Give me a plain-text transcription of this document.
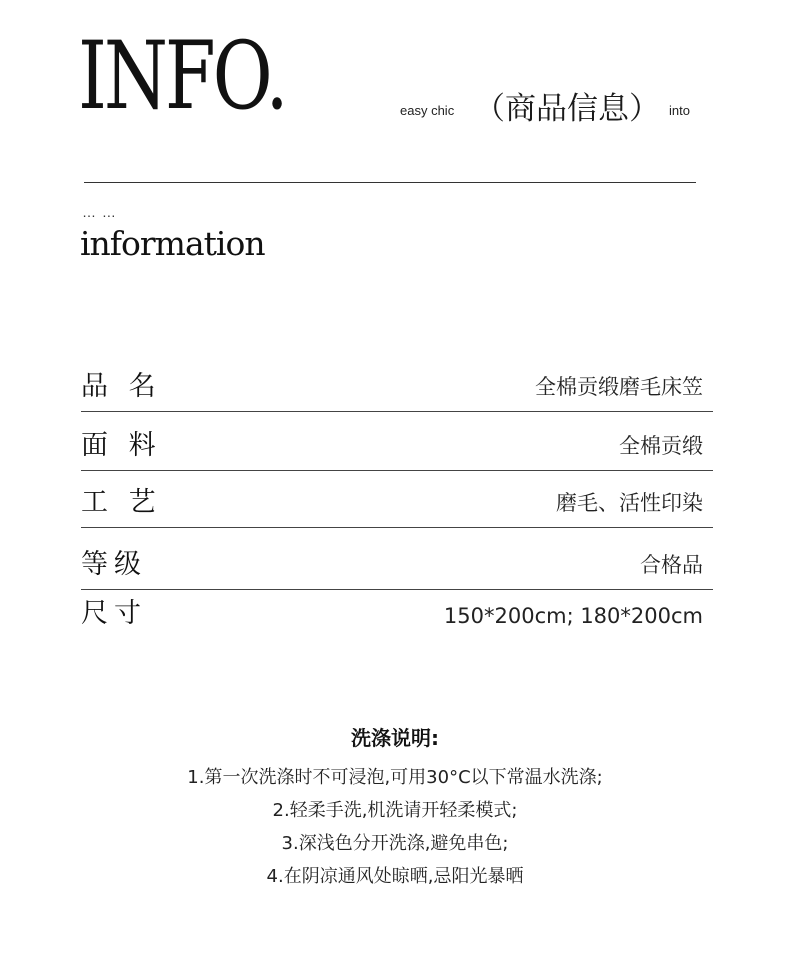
INFO.	easy chic （商品信息） into
… …
information
品 名	全棉贡缎磨毛床笠
面 料	全棉贡缎
工 艺	磨毛、活性印染
等级	合格品
尺寸	150*200cm; 180*200cm
洗涤说明:
1.第一次洗涤时不可浸泡,可用30°C以下常温水洗涤;
2.轻柔手洗,机洗请开轻柔模式;
3.深浅色分开洗涤,避免串色;
4.在阴凉通风处晾晒,忌阳光暴晒
